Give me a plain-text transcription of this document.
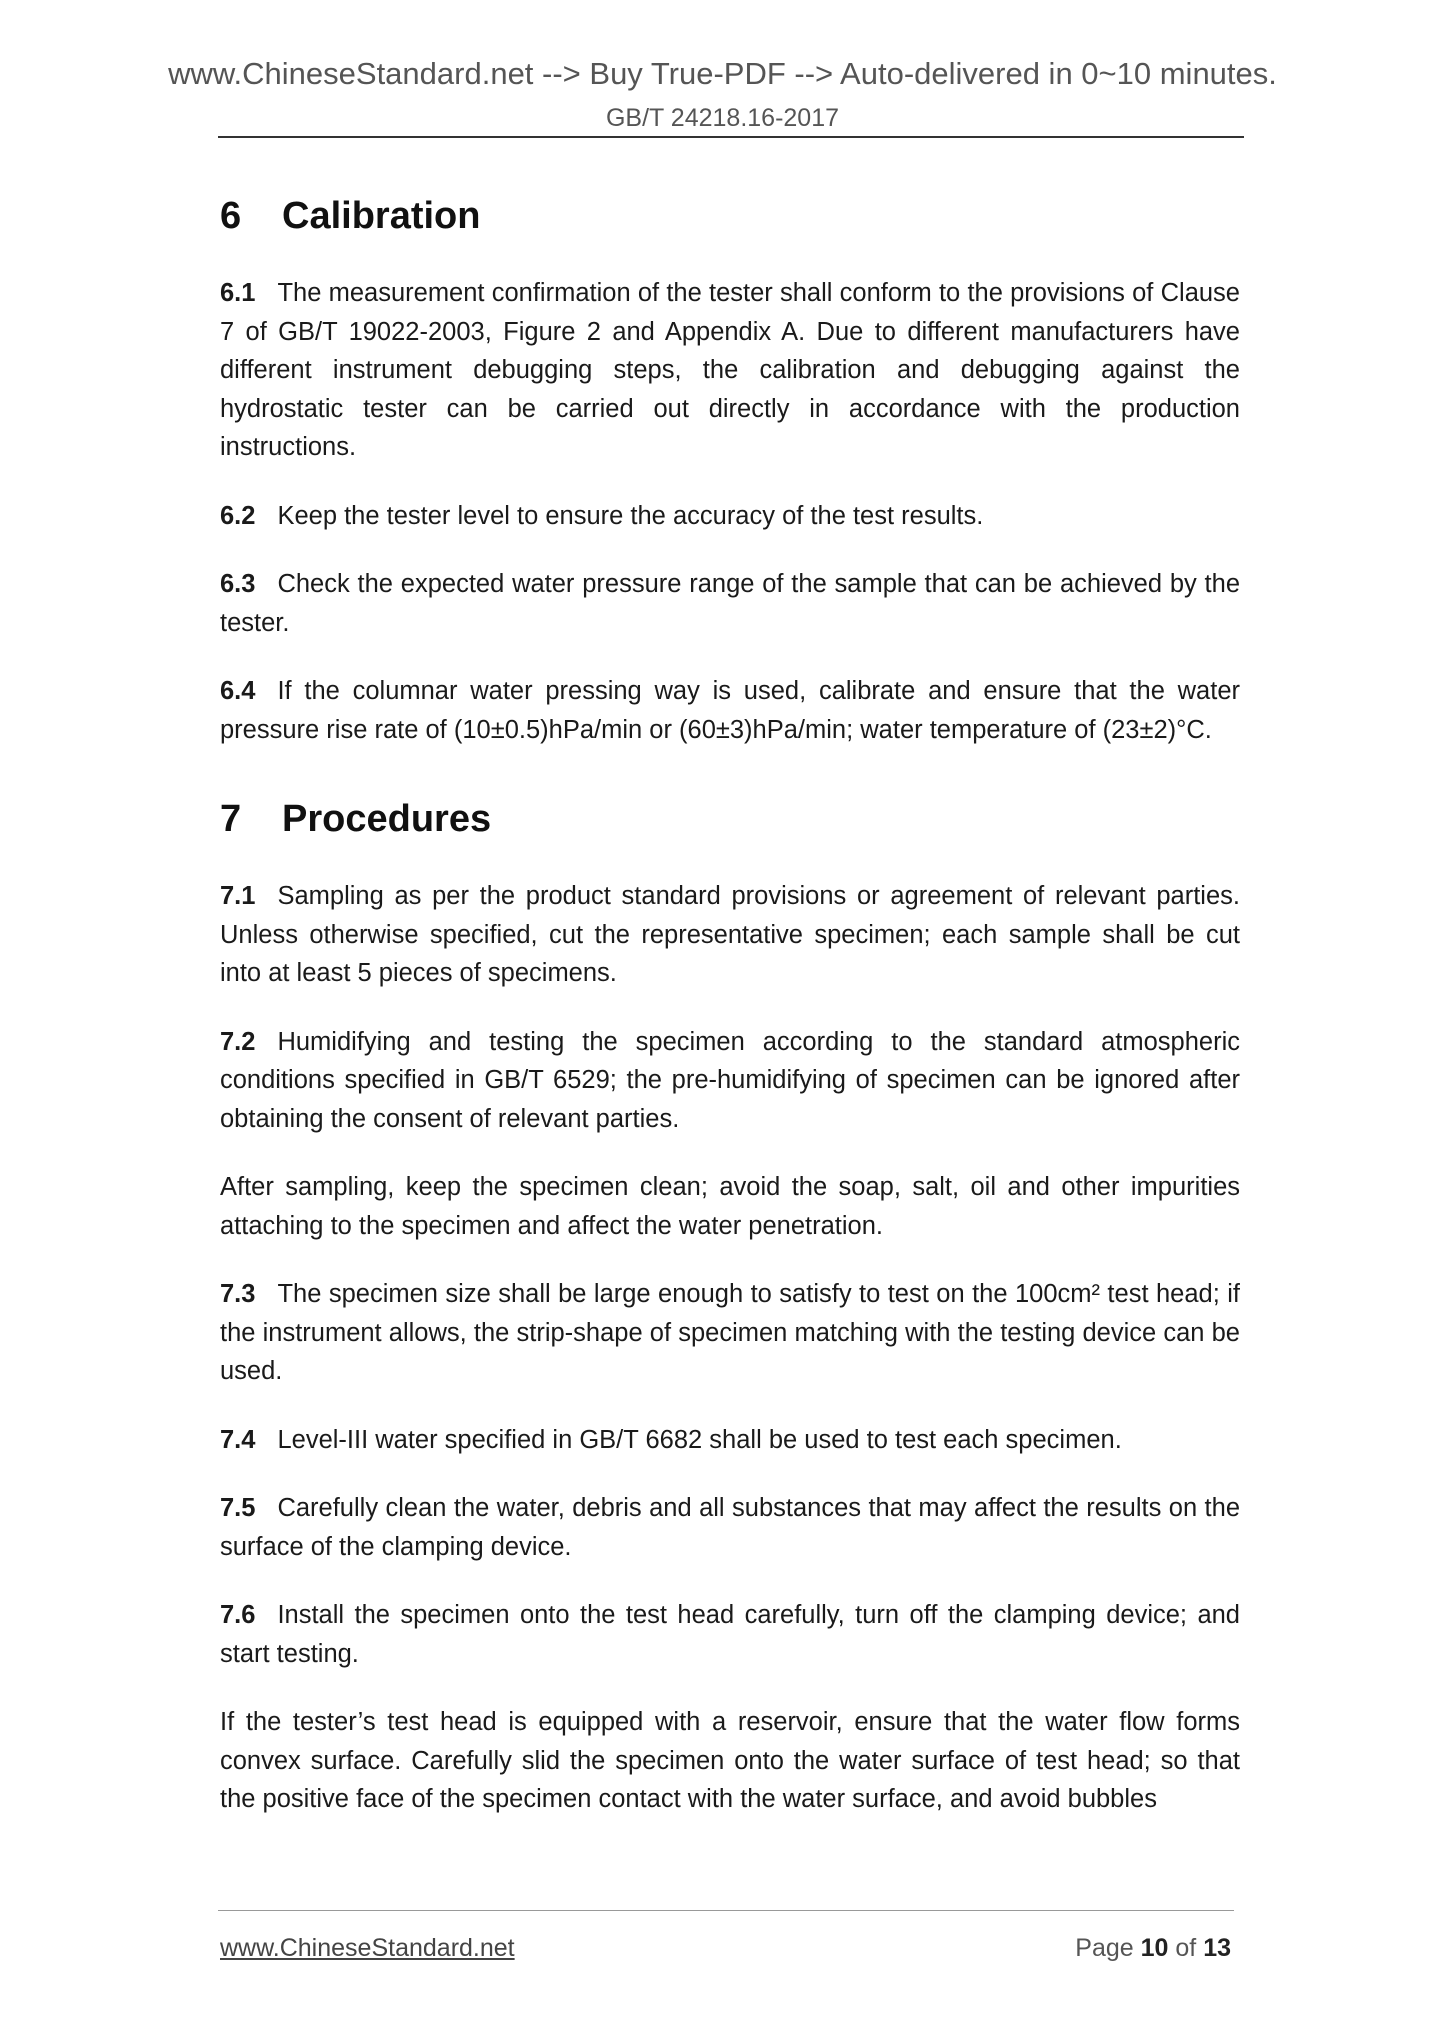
www.ChineseStandard.net --> Buy True-PDF --> Auto-delivered in 0~10 minutes.
GB/T 24218.16-2017
6 Calibration

6.1 The measurement confirmation of the tester shall conform to the provisions of Clause 7 of GB/T 19022-2003, Figure 2 and Appendix A. Due to different manufacturers have different instrument debugging steps, the calibration and debugging against the hydrostatic tester can be carried out directly in accordance with the production instructions.

6.2 Keep the tester level to ensure the accuracy of the test results.

6.3 Check the expected water pressure range of the sample that can be achieved by the tester.

6.4 If the columnar water pressing way is used, calibrate and ensure that the water pressure rise rate of (10±0.5)hPa/min or (60±3)hPa/min; water temperature of (23±2)°C.

7 Procedures

7.1 Sampling as per the product standard provisions or agreement of relevant parties. Unless otherwise specified, cut the representative specimen; each sample shall be cut into at least 5 pieces of specimens.

7.2 Humidifying and testing the specimen according to the standard atmospheric conditions specified in GB/T 6529; the pre-humidifying of specimen can be ignored after obtaining the consent of relevant parties.

After sampling, keep the specimen clean; avoid the soap, salt, oil and other impurities attaching to the specimen and affect the water penetration.

7.3 The specimen size shall be large enough to satisfy to test on the 100cm² test head; if the instrument allows, the strip-shape of specimen matching with the testing device can be used.

7.4 Level-III water specified in GB/T 6682 shall be used to test each specimen.

7.5 Carefully clean the water, debris and all substances that may affect the results on the surface of the clamping device.

7.6 Install the specimen onto the test head carefully, turn off the clamping device; and start testing.

If the tester’s test head is equipped with a reservoir, ensure that the water flow forms convex surface. Carefully slid the specimen onto the water surface of test head; so that the positive face of the specimen contact with the water surface, and avoid bubbles

www.ChineseStandard.net	Page 10 of 13
